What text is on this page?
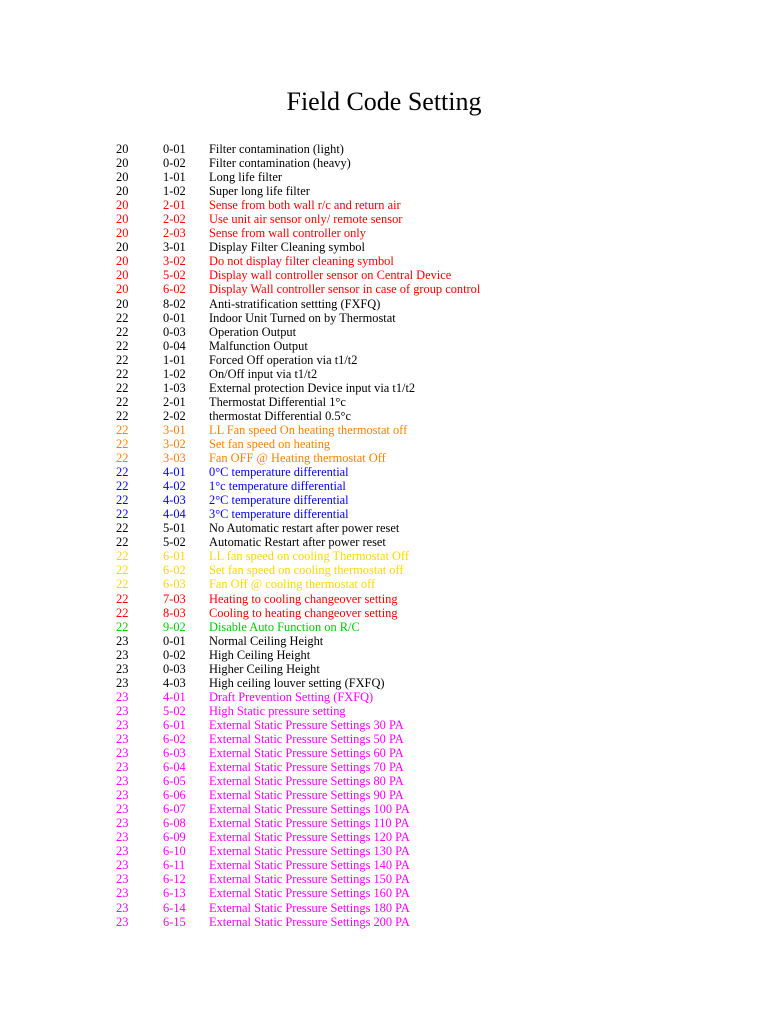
Field Code Setting
20	0-01 Filter contamination (light)
20	0-02 Filter contamination (heavy)
20	1-01 Long life filter
20	1-02 Super long life filter
20	2-01 Sense from both wall r/c and return air
20	2-02 Use unit air sensor only/ remote sensor
20	2-03 Sense from wall controller only
20	3-01 Display Filter Cleaning symbol
20	3-02 Do not display filter cleaning symbol
20	5-02 Display wall controller sensor on Central Device
20	6-02 Display Wall controller sensor in case of group control
20	8-02 Anti-stratification settting (FXFQ)
22	0-01 Indoor Unit Turned on by Thermostat
22	0-03 Operation Output
22	0-04 Malfunction Output
22	1-01 Forced Off operation via t1/t2
22	1-02 On/Off input via t1/t2
22	1-03 External protection Device input via t1/t2
22	2-01 Thermostat Differential 1°c
22	2-02 thermostat Differential 0.5°c
22	3-01 LL Fan speed On heating thermostat off
22	3-02 Set fan speed on heating
22	3-03 Fan OFF @ Heating thermostat Off
22	4-01 0°C temperature differential
22	4-02 1°c temperature differential
22	4-03 2°C temperature differential
22	4-04 3°C temperature differential
22	5-01 No Automatic restart after power reset
22	5-02 Automatic Restart after power reset
22	6-01 LL fan speed on cooling Thermostat Off
22	6-02 Set fan speed on cooling thermostat off
22	6-03 Fan Off @ cooling thermostat off
22	7-03 Heating to cooling changeover setting
22	8-03 Cooling to heating changeover setting
22	9-02 Disable Auto Function on R/C
23	0-01 Normal Ceiling Height
23	0-02 High Ceiling Height
23	0-03 Higher Ceiling Height
23	4-03 High ceiling louver setting (FXFQ)
23	4-01 Draft Prevention Setting (FXFQ)
23	5-02 High Static pressure setting
23	6-01 External Static Pressure Settings 30 PA
23	6-02 External Static Pressure Settings 50 PA
23	6-03 External Static Pressure Settings 60 PA
23	6-04 External Static Pressure Settings 70 PA
23	6-05 External Static Pressure Settings 80 PA
23	6-06 External Static Pressure Settings 90 PA
23	6-07 External Static Pressure Settings 100 PA
23	6-08 External Static Pressure Settings 110 PA
23	6-09 External Static Pressure Settings 120 PA
23	6-10 External Static Pressure Settings 130 PA
23	6-11 External Static Pressure Settings 140 PA
23	6-12 External Static Pressure Settings 150 PA
23	6-13 External Static Pressure Settings 160 PA
23	6-14 External Static Pressure Settings 180 PA
23	6-15 External Static Pressure Settings 200 PA
